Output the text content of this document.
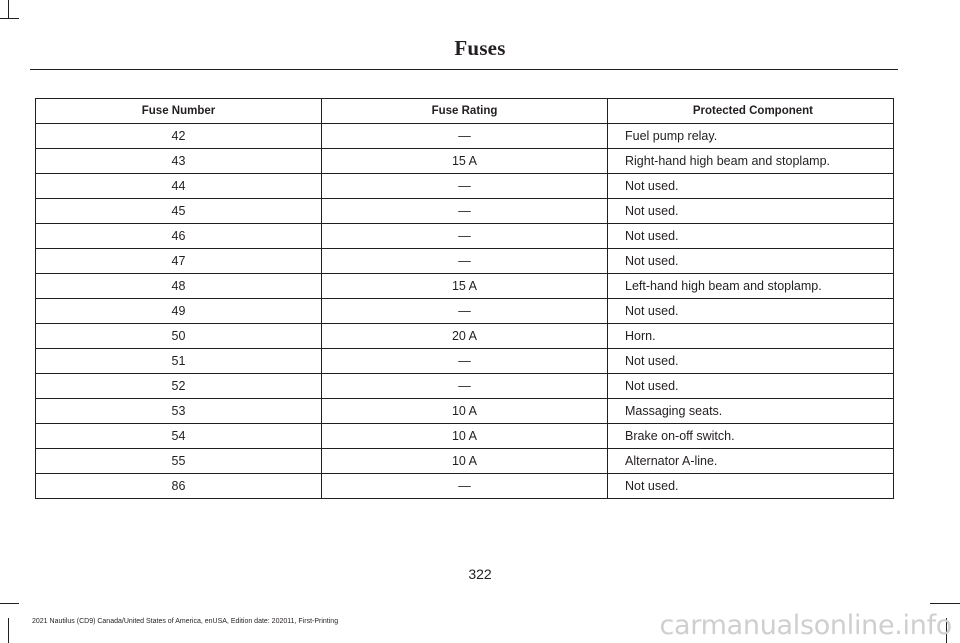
Fuses
Fuse Number	Fuse Rating	Protected Component
42	—	Fuel pump relay.
43	15 A	Right-hand high beam and stoplamp.
44	—	Not used.
45	—	Not used.
46	—	Not used.
47	—	Not used.
48	15 A	Left-hand high beam and stoplamp.
49	—	Not used.
50	20 A	Horn.
51	—	Not used.
52	—	Not used.
53	10 A	Massaging seats.
54	10 A	Brake on-off switch.
55	10 A	Alternator A-line.
86	—	Not used.
322
2021 Nautilus (CD9) Canada/United States of America, enUSA, Edition date: 202011, First-Printing	carmanualsonline.info
